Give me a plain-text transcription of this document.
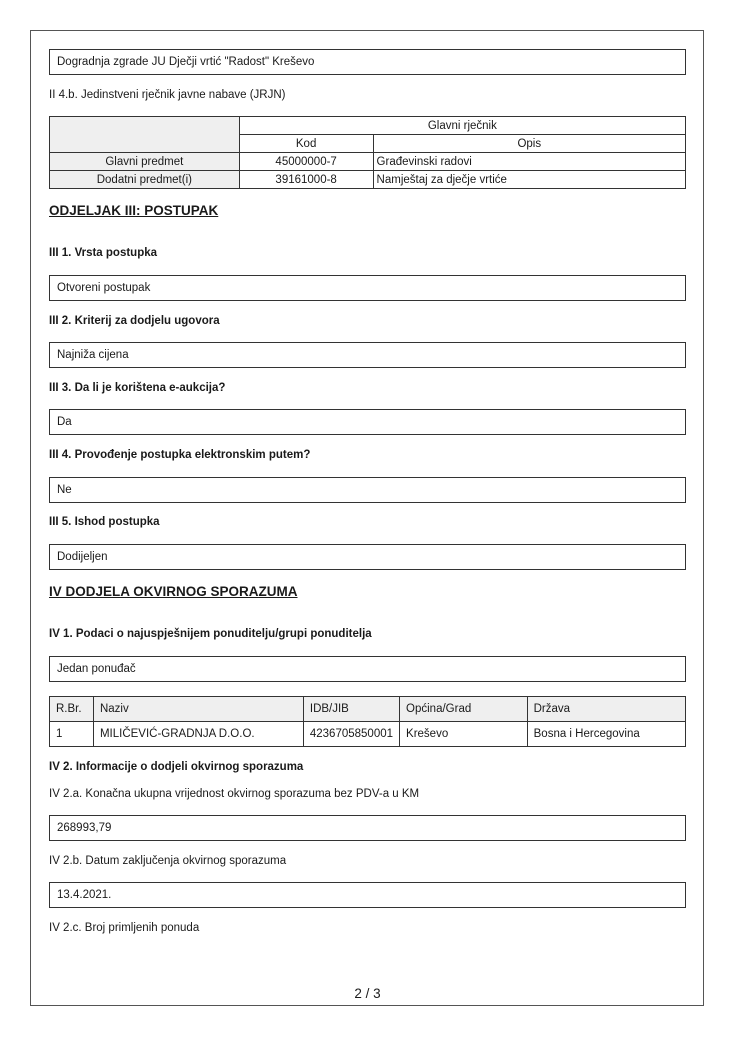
Dogradnja zgrade JU Dječji vrtić "Radost" Kreševo
II 4.b. Jedinstveni rječnik javne nabave (JRJN)
	Glavni rječnik	
	Kod	Opis
Glavni predmet	45000000-7	Građevinski radovi
Dodatni predmet(i)	39161000-8	Namještaj za dječje vrtiće
ODJELJAK III: POSTUPAK
III 1. Vrsta postupka
Otvoreni postupak
III 2. Kriterij za dodjelu ugovora
Najniža cijena
III 3. Da li je korištena e-aukcija?
Da
III 4. Provođenje postupka elektronskim putem?
Ne
III 5. Ishod postupka
Dodijeljen
IV DODJELA OKVIRNOG SPORAZUMA
IV 1. Podaci o najuspješnijem ponuditelju/grupi ponuditelja
Jedan ponuđač
R.Br.	Naziv	IDB/JIB	Općina/Grad	Država
1	MILIČEVIĆ-GRADNJA D.O.O.	4236705850001	Kreševo	Bosna i Hercegovina
IV 2. Informacije o dodjeli okvirnog sporazuma
IV 2.a. Konačna ukupna vrijednost okvirnog sporazuma bez PDV-a u KM
268993,79
IV 2.b. Datum zaključenja okvirnog sporazuma
13.4.2021.
IV 2.c. Broj primljenih ponuda
2 / 3
